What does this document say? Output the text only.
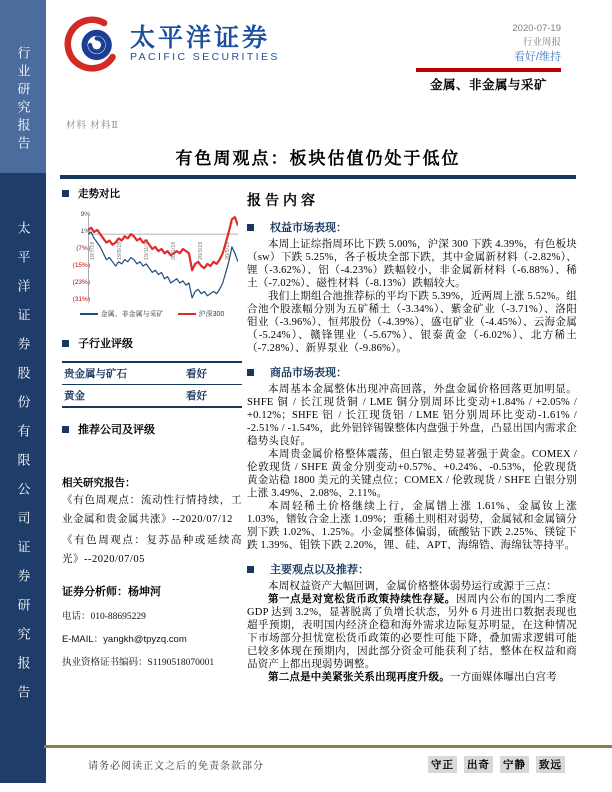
行业研究报告
太平洋证券股份有限公司证券研究报告
太平洋证券
PACIFIC SECURITIES
2020-07-19
行业周报
看好/维持
金属、非金属与采矿
材料 材料Ⅱ
有色周观点：板块估值仍处于低位
走势对比
9%
1%
(7%)
(15%)
(23%)
(31%)
19/7/19	19/9/19	19/11/19	20/1/19	20/3/19	20/5/19
金属、非金属与采矿	沪深300
子行业评级
贵金属与矿石	看好
黄金	看好
推荐公司及评级
相关研究报告：
《有色周观点：流动性行情持续，工业金属和贵金属共涨》--2020/07/12
《有色周观点：复苏品种或延续高光》--2020/07/05
证券分析师：杨坤河
电话：010-88695229
E-MAIL：yangkh@tpyzq.com
执业资格证书编码：S1190518070001
报告内容
权益市场表现：

本周上证综指周环比下跌 5.00%，沪深 300 下跌 4.39%，有色板块（sw）下跌 5.25%，各子板块全部下跌，其中金属新材料（-2.82%）、锂（-3.62%）、铝（-4.23%）跌幅较小，非金属新材料（-6.88%）、稀土（-7.02%）、磁性材料（-8.13%）跌幅较大。

我们上期组合池推荐标的平均下跌 5.39%，近两周上涨 5.52%。组合池个股涨幅分别为五矿稀土（-3.34%）、紫金矿业（-3.71%）、洛阳钼业（-3.96%）、恒邦股份（-4.39%）、盛屯矿业（-4.45%）、云海金属（-5.24%）、赣锋锂业（-5.67%）、银泰黄金（-6.02%）、北方稀土（-7.28%）、新界泵业（-9.86%）。

商品市场表现：

本周基本金属整体出现冲高回落，外盘金属价格回落更加明显。SHFE 铜 / 长江现货铜 / LME 铜分别周环比变动+1.84% / +2.05% / +0.12%；SHFE 铝 / 长江现货铝 / LME 铝分别周环比变动-1.61% / -2.51% / -1.54%，此外铝锌锡镍整体内盘强于外盘，凸显出国内需求企稳势头良好。

本周贵金属价格整体震荡，但白银走势显著强于黄金。COMEX / 伦敦现货 / SHFE 黄金分别变动+0.57%、+0.24%、-0.53%，伦敦现货黄金站稳 1800 美元的关键点位；COMEX / 伦敦现货 / SHFE 白银分别上涨 3.49%、2.08%、2.11%。

本周轻稀土价格继续上行，金属镨上涨 1.61%、金属钕上涨 1.03%，镨钕合金上涨 1.09%；重稀土则相对弱势，金属铽和金属镝分别下跌 1.02%、1.25%。小金属整体偏弱，硫酸钴下跌 2.25%、镁锭下跌 1.39%、钼铁下跌 2.20%，锂、硅、APT、海绵锆、海绵钛等持平。

主要观点以及推荐：

本周权益资产大幅回调，金属价格整体弱势运行或源于三点：

第一点是对宽松货币政策持续性存疑。因周内公布的国内二季度 GDP 达到 3.2%，显著脱离了负增长状态，另外 6 月进出口数据表现也超乎预期，表明国内经济企稳和海外需求边际复苏明显，在这种情况下市场部分担忧宽松货币政策的必要性可能下降，叠加需求逻辑可能已较多体现在预期内，因此部分资金可能获利了结，整体在权益和商品资产上都出现弱势调整。

第二点是中美紧张关系出现再度升级。一方面媒体曝出白宫考

请务必阅读正文之后的免责条款部分	守正 出奇 宁静 致远
